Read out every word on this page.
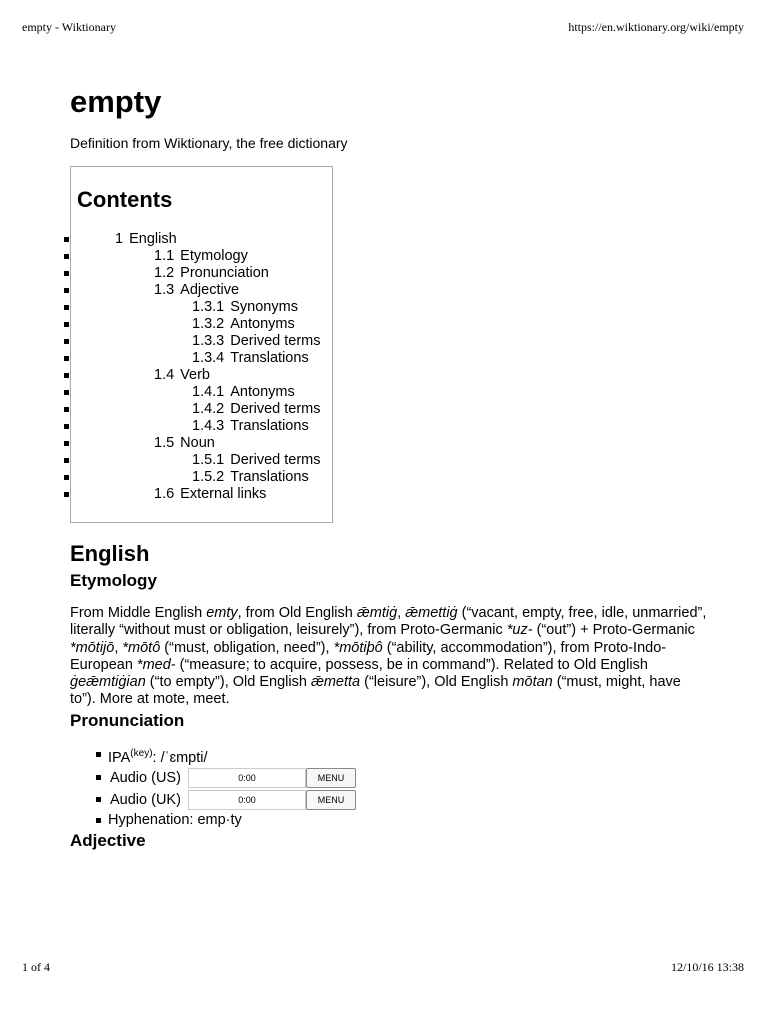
empty - Wiktionary	https://en.wiktionary.org/wiki/empty
empty
Definition from Wiktionary, the free dictionary
Contents
1 English
1.1 Etymology
1.2 Pronunciation
1.3 Adjective
1.3.1 Synonyms
1.3.2 Antonyms
1.3.3 Derived terms
1.3.4 Translations
1.4 Verb
1.4.1 Antonyms
1.4.2 Derived terms
1.4.3 Translations
1.5 Noun
1.5.1 Derived terms
1.5.2 Translations
1.6 External links
English
Etymology
From Middle English emty, from Old English ǣmtiġ, ǣmettiġ (“vacant, empty, free, idle, unmarried”, literally “without must or obligation, leisurely”), from Proto-Germanic *uz- (“out”) + Proto-Germanic *mōtijō, *mōtô (“must, obligation, need”), *mōtiþô (“ability, accommodation”), from Proto-Indo-European *med- (“measure; to acquire, possess, be in command”). Related to Old English ġeǣmtiġian (“to empty”), Old English ǣmetta (“leisure”), Old English mōtan (“must, might, have to”). More at mote, meet.
Pronunciation
$IPA^{(key)}$: /ˈɛmpti/
Audio (US)	0:00	MENU
Audio (UK)	0:00	MENU
Hyphenation: emp·ty
Adjective
1 of 4	12/10/16 13:38
